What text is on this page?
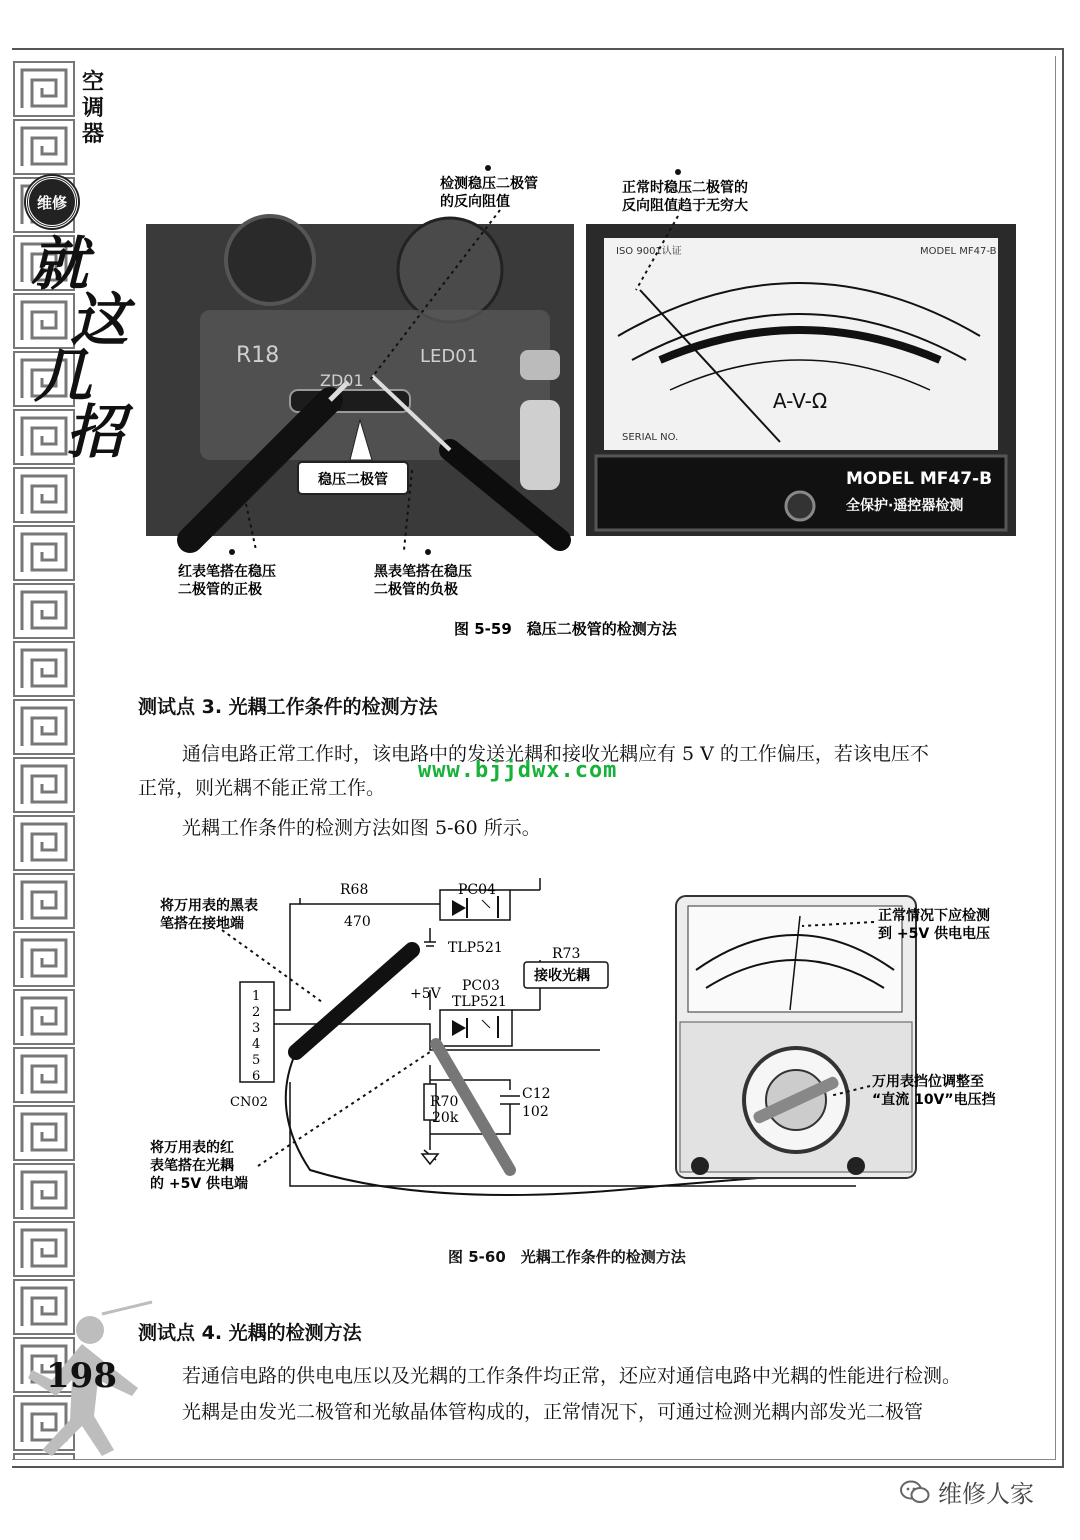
空
调
器
维修
就
这
几
招
R18	LED01
ZD01
稳压二极管
ISO 9001认证	MODEL MF47-B
A-V-Ω
SERIAL NO.
MODEL MF47-B
全保护·遥控器检测
检测稳压二极管
的反向阻值
正常时稳压二极管的
反向阻值趋于无穷大
红表笔搭在稳压
二极管的正极
黑表笔搭在稳压
二极管的负极
图 5-59　稳压二极管的检测方法
测试点 3. 光耦工作条件的检测方法
通信电路正常工作时，该电路中的发送光耦和接收光耦应有 5 V 的工作偏压，若该电压不
正常，则光耦不能正常工作。
www.bjjdwx.com
光耦工作条件的检测方法如图 5-60 所示。
R68
470
PC04
TLP521	R73
接收光耦
+5V PC03
TLP521
R70
20k
C12
102
1
2
3
4
5
6
CN02
将万用表的黑表
笔搭在接地端
将万用表的红
表笔搭在光耦
的 +5V 供电端
正常情况下应检测
到 +5V 供电电压
万用表挡位调整至
“直流 10V”电压挡
图 5-60　光耦工作条件的检测方法
测试点 4. 光耦的检测方法
若通信电路的供电电压以及光耦的工作条件均正常，还应对通信电路中光耦的性能进行检测。
光耦是由发光二极管和光敏晶体管构成的，正常情况下，可通过检测光耦内部发光二极管
198
维修人家
